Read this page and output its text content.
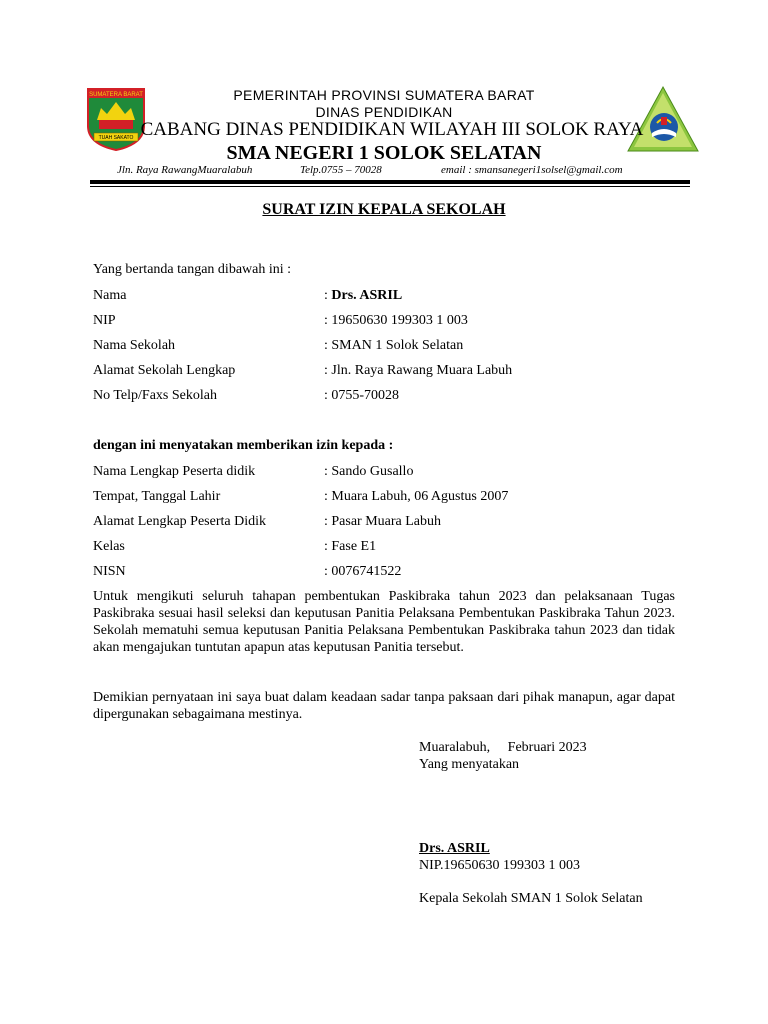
SUMATERA BARAT
TUAH SAKATO
PEMERINTAH PROVINSI SUMATERA BARAT
DINAS PENDIDIKAN
CABANG DINAS PENDIDIKAN WILAYAH III SOLOK RAYA
SMA NEGERI 1 SOLOK SELATAN
Jln. Raya RawangMuaralabuh	Telp.0755 – 70028	email : smansanegeri1solsel@gmail.com
SURAT IZIN KEPALA SEKOLAH
Yang bertanda tangan dibawah ini :
Nama	: Drs. ASRIL
NIP	: 19650630 199303 1 003
Nama Sekolah	: SMAN 1 Solok Selatan
Alamat Sekolah Lengkap	: Jln. Raya Rawang Muara Labuh
No Telp/Faxs Sekolah	: 0755-70028
dengan ini menyatakan memberikan izin kepada :
Nama Lengkap Peserta didik	: Sando Gusallo
Tempat, Tanggal Lahir	: Muara Labuh, 06 Agustus 2007
Alamat Lengkap Peserta Didik	: Pasar Muara Labuh
Kelas	: Fase E1
NISN	: 0076741522
Untuk mengikuti seluruh tahapan pembentukan Paskibraka tahun 2023 dan pelaksanaan Tugas Paskibraka sesuai hasil seleksi dan keputusan Panitia Pelaksana Pembentukan Paskibraka Tahun 2023. Sekolah mematuhi semua keputusan Panitia Pelaksana Pembentukan Paskibraka tahun 2023 dan tidak akan mengajukan tuntutan apapun atas keputusan Panitia tersebut.
Demikian pernyataan ini saya buat dalam keadaan sadar tanpa paksaan dari pihak manapun, agar dapat dipergunakan sebagaimana mestinya.
Muaralabuh, Februari 2023
Yang menyatakan
Drs. ASRIL
NIP.19650630 199303 1 003
Kepala Sekolah SMAN 1 Solok Selatan
